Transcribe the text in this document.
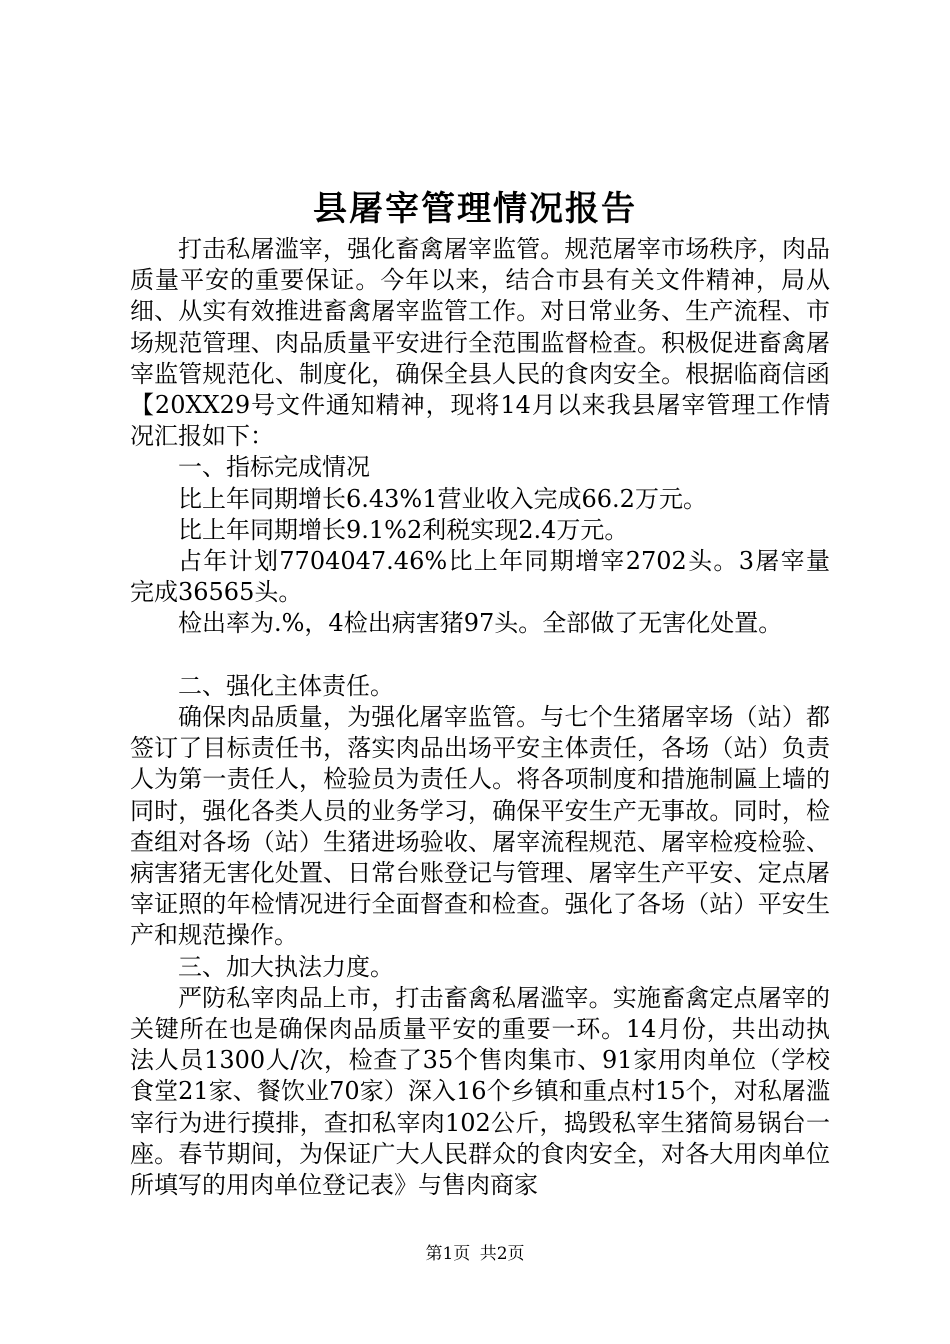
县屠宰管理情况报告

打击私屠滥宰，强化畜禽屠宰监管。规范屠宰市场秩序，肉品质量平安的重要保证。今年以来，结合市县有关文件精神，局从细、从实有效推进畜禽屠宰监管工作。对日常业务、生产流程、市场规范管理、肉品质量平安进行全范围监督检查。积极促进畜禽屠宰监管规范化、制度化，确保全县人民的食肉安全。根据临商信函【20XX29号文件通知精神，现将14月以来我县屠宰管理工作情况汇报如下：

一、指标完成情况

比上年同期增长6.43%1营业收入完成66.2万元。

比上年同期增长9.1%2利税实现2.4万元。

占年计划7704047.46%比上年同期增宰2702头。3屠宰量完成36565头。

检出率为.%，4检出病害猪97头。全部做了无害化处置。

二、强化主体责任。

确保肉品质量，为强化屠宰监管。与七个生猪屠宰场（站）都签订了目标责任书，落实肉品出场平安主体责任，各场（站）负责人为第一责任人，检验员为责任人。将各项制度和措施制匾上墙的同时，强化各类人员的业务学习，确保平安生产无事故。同时，检查组对各场（站）生猪进场验收、屠宰流程规范、屠宰检疫检验、病害猪无害化处置、日常台账登记与管理、屠宰生产平安、定点屠宰证照的年检情况进行全面督查和检查。强化了各场（站）平安生产和规范操作。

三、加大执法力度。

严防私宰肉品上市，打击畜禽私屠滥宰。实施畜禽定点屠宰的关键所在也是确保肉品质量平安的重要一环。14月份，共出动执法人员1300人/次，检查了35个售肉集市、91家用肉单位（学校食堂21家、餐饮业70家）深入16个乡镇和重点村15个，对私屠滥宰行为进行摸排，查扣私宰肉102公斤，捣毁私宰生猪简易锅台一座。春节期间，为保证广大人民群众的食肉安全，对各大用肉单位所填写的用肉单位登记表》与售肉商家

第1页 共2页
